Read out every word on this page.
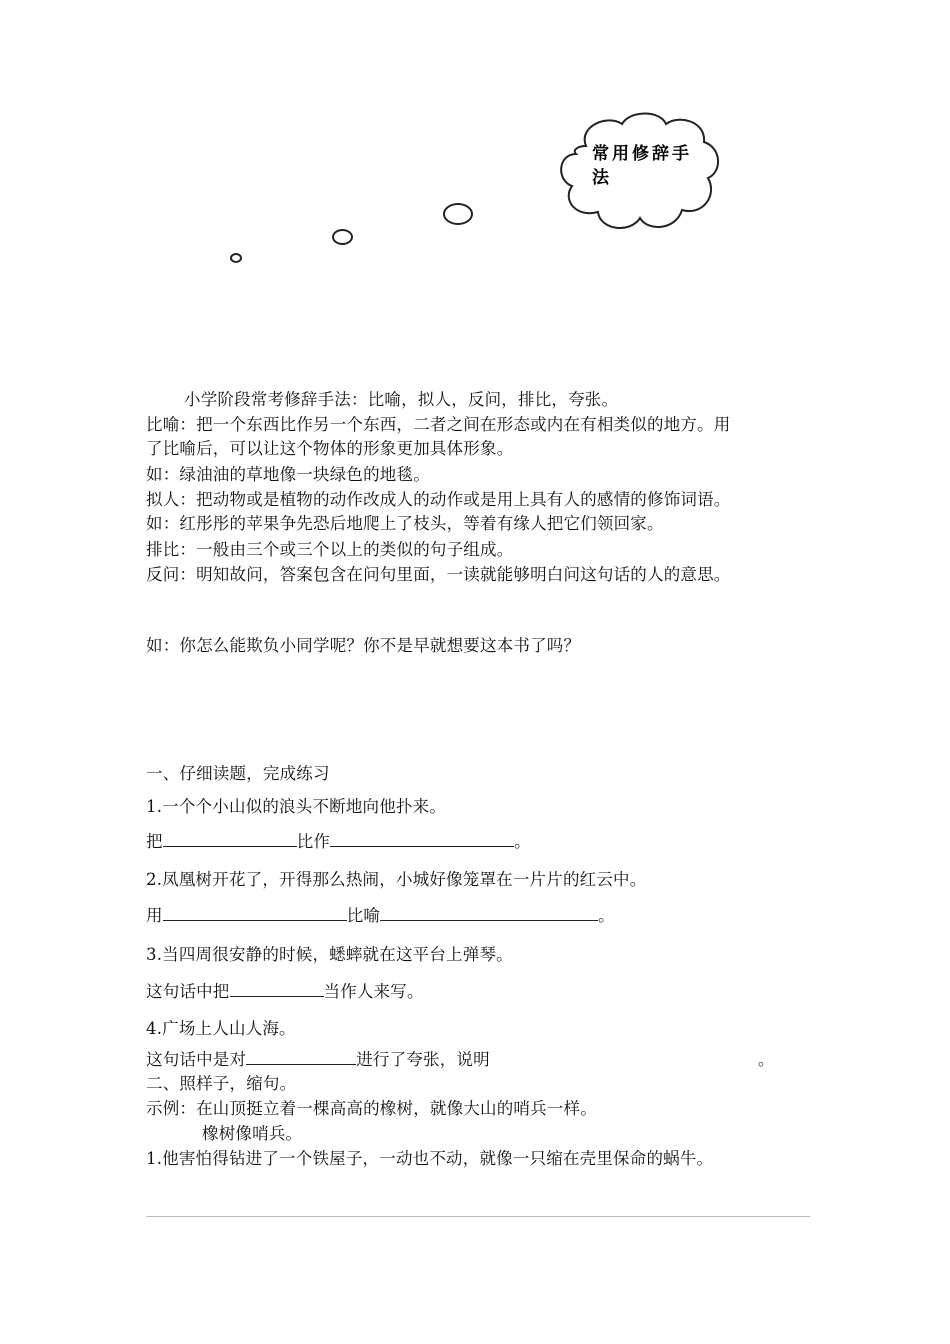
常用修辞手法
小学阶段常考修辞手法：比喻，拟人，反问，排比，夸张。
比喻：把一个东西比作另一个东西，二者之间在形态或内在有相类似的地方。用
了比喻后，可以让这个物体的形象更加具体形象。
如：绿油油的草地像一块绿色的地毯。
拟人：把动物或是植物的动作改成人的动作或是用上具有人的感情的修饰词语。
如：红彤彤的苹果争先恐后地爬上了枝头，等着有缘人把它们领回家。
排比：一般由三个或三个以上的类似的句子组成。
反问：明知故问，答案包含在问句里面，一读就能够明白问这句话的人的意思。
如：你怎么能欺负小同学呢？你不是早就想要这本书了吗？
一、仔细读题，完成练习
1.一个个小山似的浪头不断地向他扑来。
把	比作	。
2.凤凰树开花了，开得那么热闹，小城好像笼罩在一片片的红云中。
用	比喻	。
3.当四周很安静的时候，蟋蟀就在这平台上弹琴。
这句话中把	当作人来写。
4.广场上人山人海。
这句话中是对	进行了夸张，说明	。
二、照样子，缩句。
示例：在山顶挺立着一棵高高的橡树，就像大山的哨兵一样。
橡树像哨兵。
1.他害怕得钻进了一个铁屋子，一动也不动，就像一只缩在壳里保命的蜗牛。
